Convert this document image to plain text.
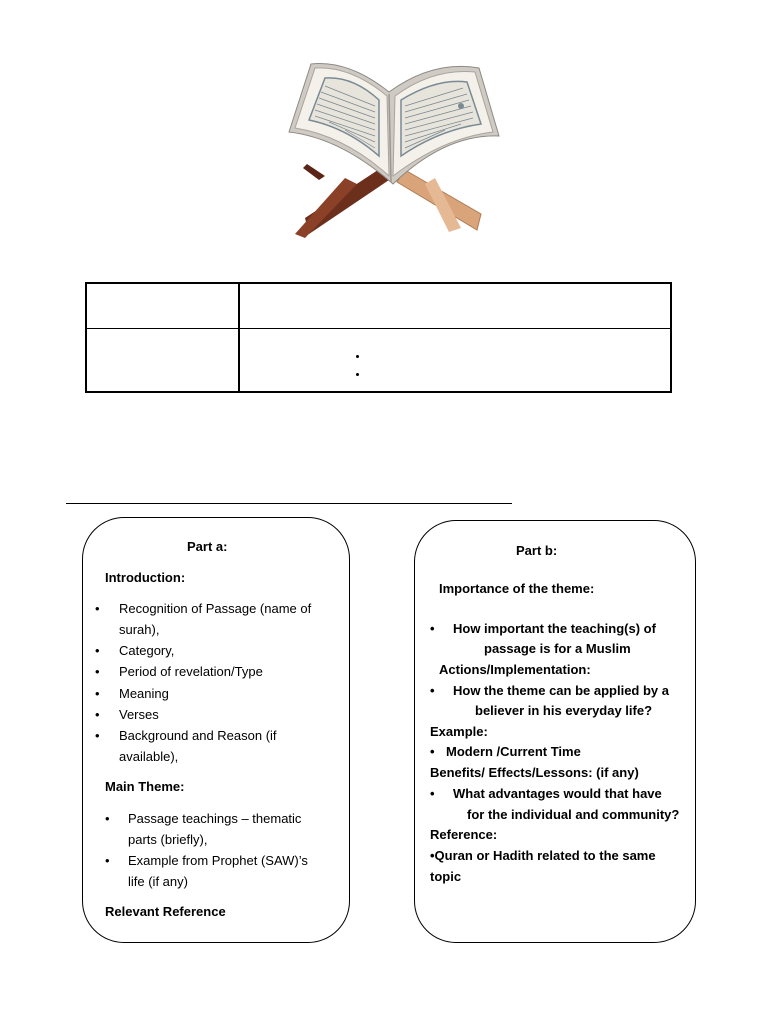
Part a:
Introduction:
• Recognition of Passage (name of
surah),
• Category,
• Period of revelation/Type
• Meaning
• Verses
• Background and Reason (if
available),
Main Theme:
• Passage teachings – thematic
parts (briefly),
• Example from Prophet (SAW)’s
life (if any)
Relevant Reference
Part b:
Importance of the theme:
• How important the teaching(s) of
passage is for a Muslim
Actions/Implementation:
• How the theme can be applied by a
believer in his everyday life?
Example:
• Modern /Current Time
Benefits/ Effects/Lessons: (if any)
• What advantages would that have
for the individual and community?
Reference:
•Quran or Hadith related to the same
topic
